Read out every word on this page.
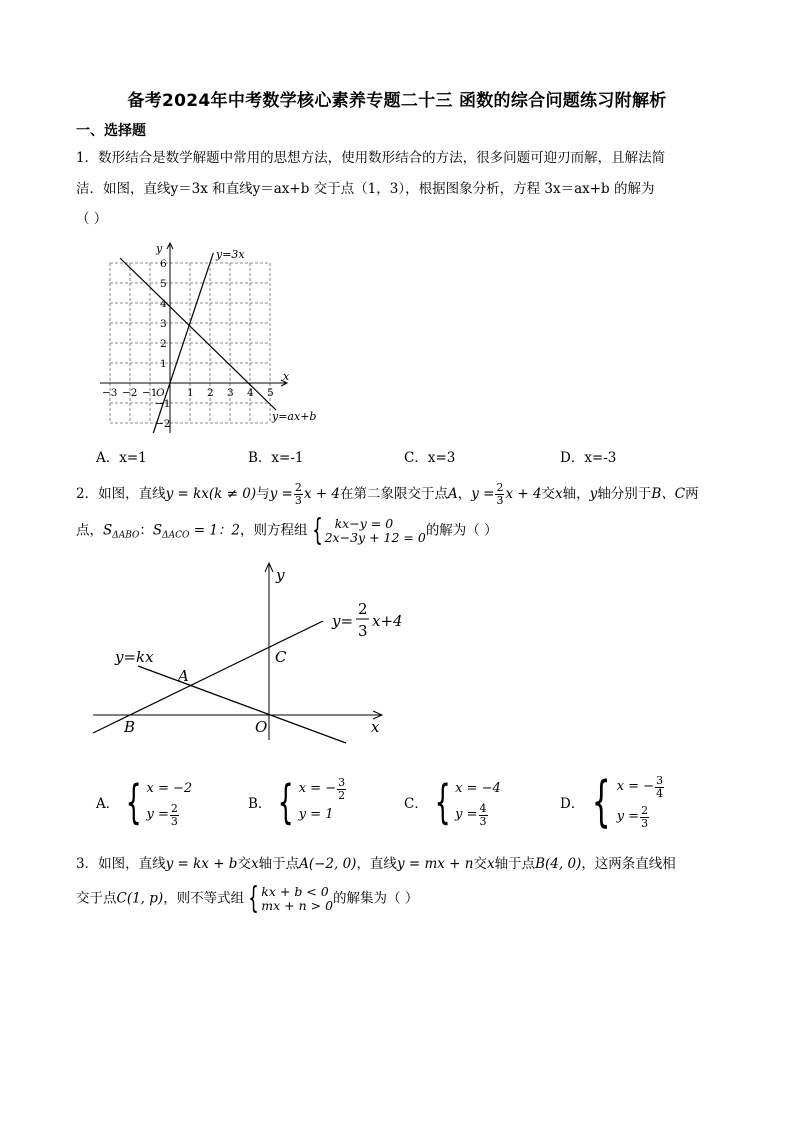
备考2024年中考数学核心素养专题二十三 函数的综合问题练习附解析
一、选择题
1．数形结合是数学解题中常用的思想方法，使用数形结合的方法，很多问题可迎刃而解，且解法简
洁．如图，直线y＝3x 和直线y＝ax+b 交于点（1，3），根据图象分析，方程 3x＝ax+b 的解为
（ ）
y
x
y=3x
y=ax+b
−3 −2 −1
O 1 2 3 4 5
6
5
4
3
2
1
−1
−2
A．x=1	B．x=-1	C．x=3	D．x=-3
2．如图，直线y = kx(k ≠ 0)与$y = \frac{2}{3}$ x + 4在第二象限交于点A，$y = \frac{2}{3}$ x + 4交x轴，y轴分别于B、C两
点，$S_{\Delta ABO}$：$S_{\Delta ACO} = 1$：2，则方程组 { kx−y = 0
2x−3y + 12 = 0 的解为（ ）
y
x
y=
2
3
x+4
y=kx
A
B
C
O
A． { x = −2
$y = \frac{2}{3}$	B． { x = − $\frac{3}{2}$
y = 1
C． { x = −4
$y = \frac{4}{3}$	D． { x = − $\frac{3}{4}$
$y = \frac{2}{3}$
3．如图，直线y = kx + b交x轴于点A(−2, 0)，直线y = mx + n交x轴于点B(4, 0)，这两条直线相
交于点C(1, p)，则不等式组 { kx + b < 0
mx + n > 0 的解集为（ ）
